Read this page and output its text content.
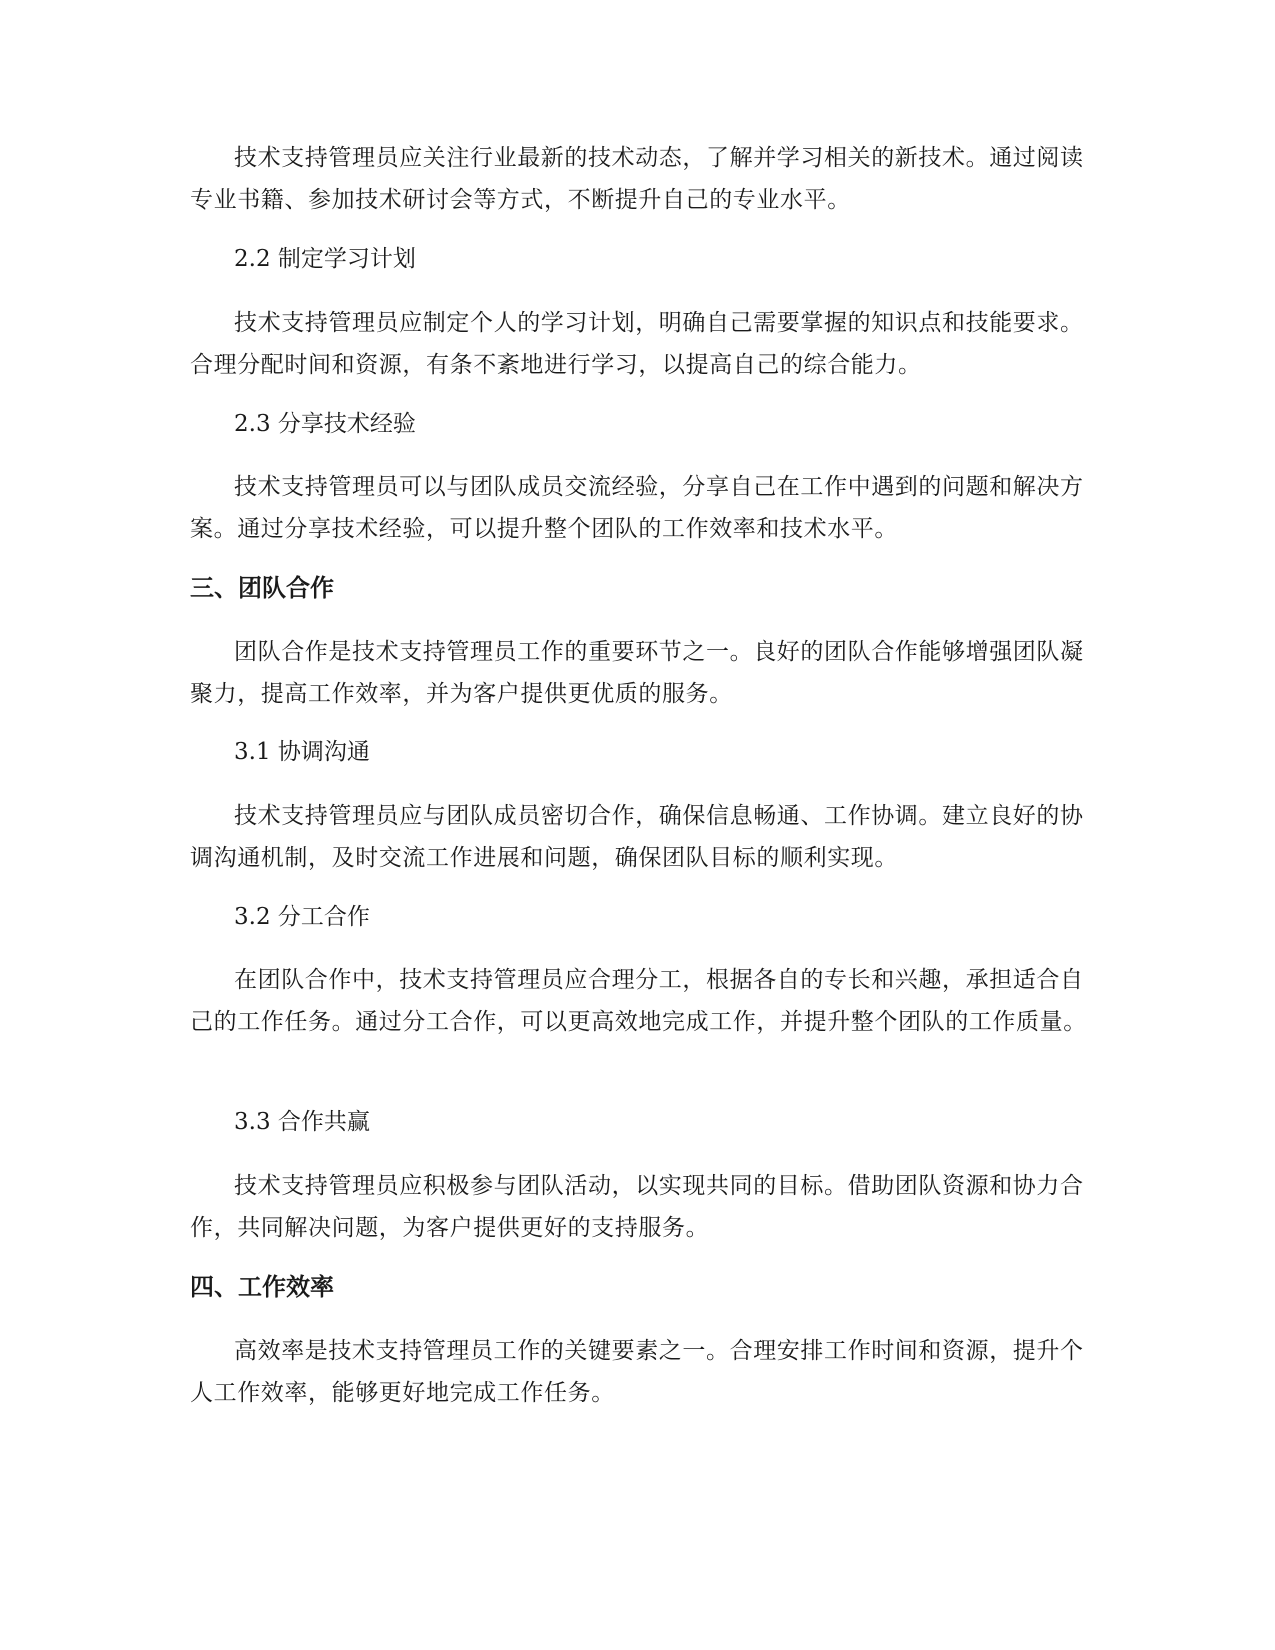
技术支持管理员应关注行业最新的技术动态，了解并学习相关的新技术。通过阅读专业书籍、参加技术研讨会等方式，不断提升自己的专业水平。

2.2 制定学习计划

技术支持管理员应制定个人的学习计划，明确自己需要掌握的知识点和技能要求。合理分配时间和资源，有条不紊地进行学习，以提高自己的综合能力。

2.3 分享技术经验

技术支持管理员可以与团队成员交流经验，分享自己在工作中遇到的问题和解决方案。通过分享技术经验，可以提升整个团队的工作效率和技术水平。

三、团队合作

团队合作是技术支持管理员工作的重要环节之一。良好的团队合作能够增强团队凝聚力，提高工作效率，并为客户提供更优质的服务。

3.1 协调沟通

技术支持管理员应与团队成员密切合作，确保信息畅通、工作协调。建立良好的协调沟通机制，及时交流工作进展和问题，确保团队目标的顺利实现。

3.2 分工合作

在团队合作中，技术支持管理员应合理分工，根据各自的专长和兴趣，承担适合自己的工作任务。通过分工合作，可以更高效地完成工作，并提升整个团队的工作质量。

3.3 合作共赢

技术支持管理员应积极参与团队活动，以实现共同的目标。借助团队资源和协力合作，共同解决问题，为客户提供更好的支持服务。

四、工作效率

高效率是技术支持管理员工作的关键要素之一。合理安排工作时间和资源，提升个人工作效率，能够更好地完成工作任务。
